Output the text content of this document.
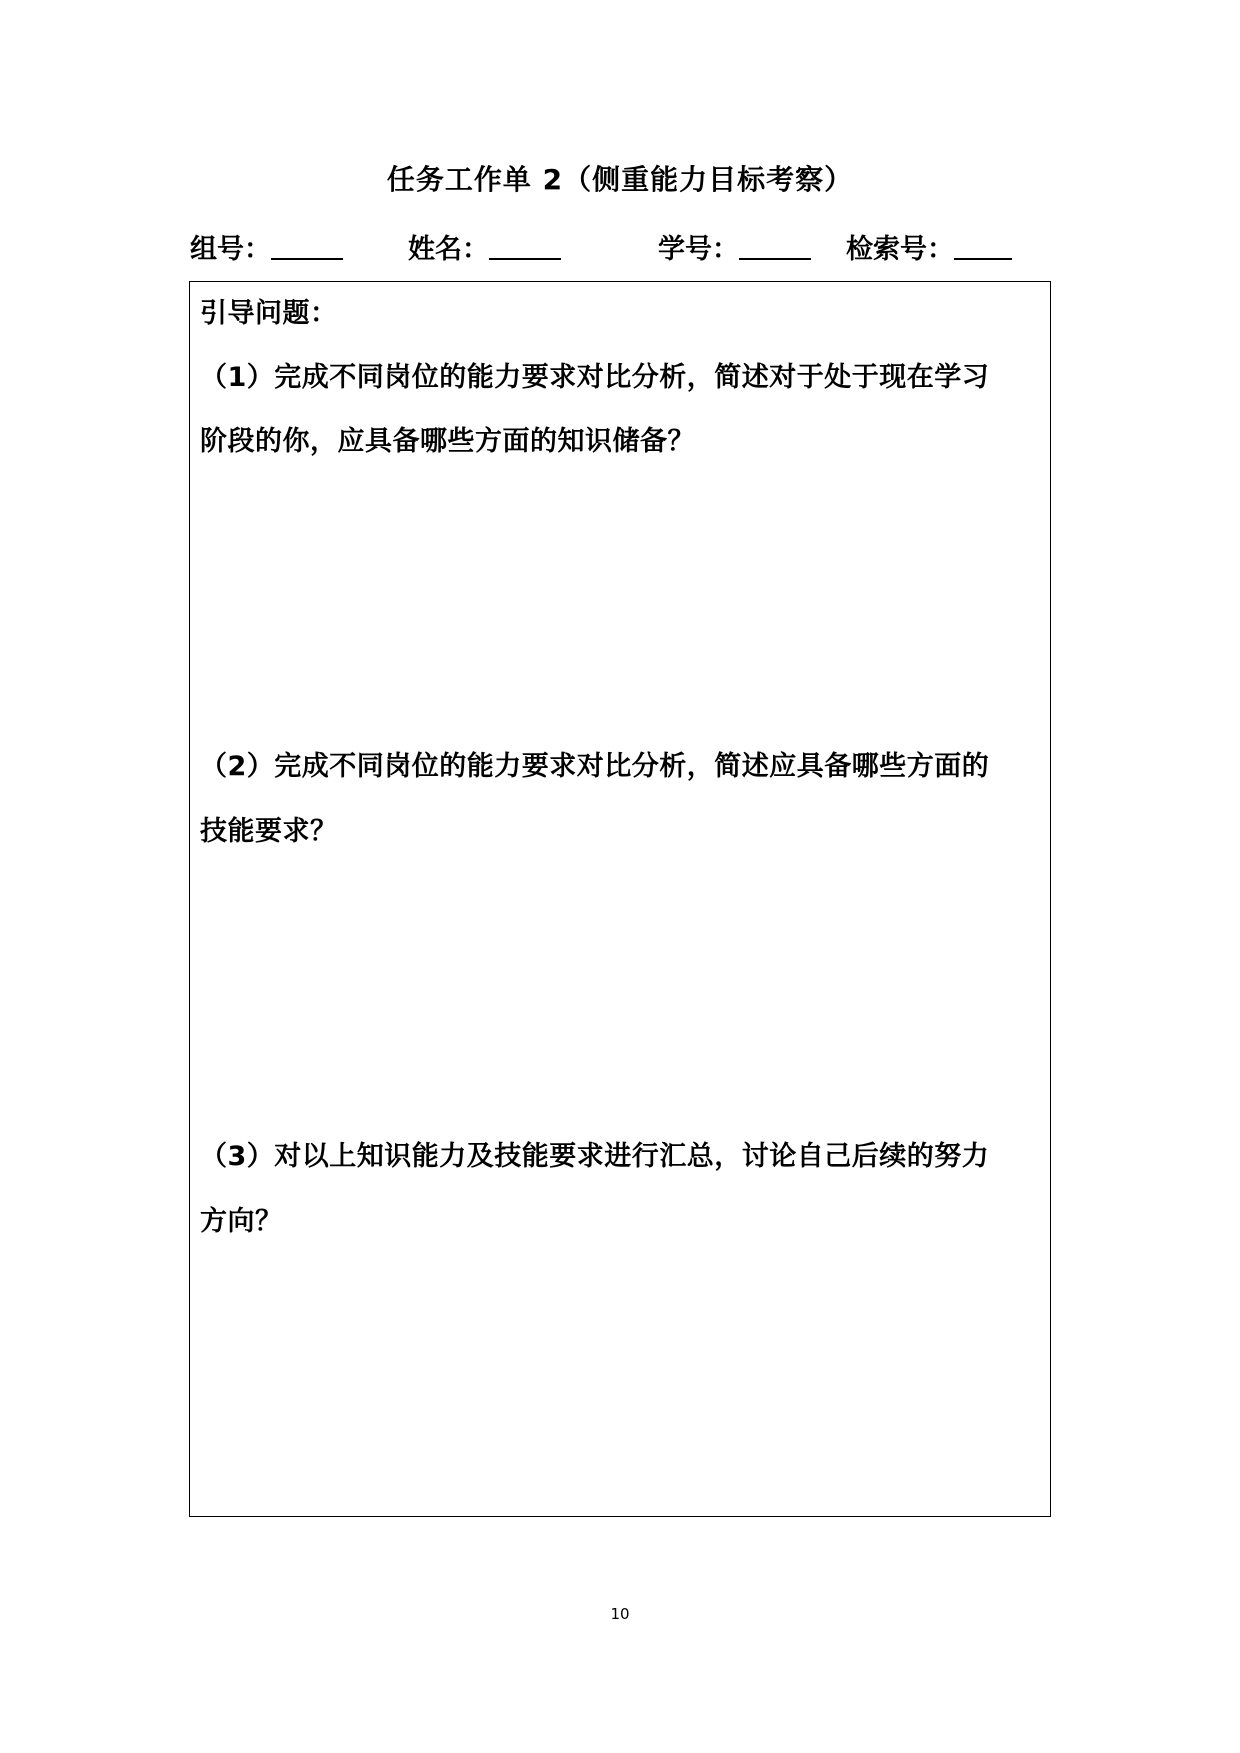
任务工作单 2（侧重能力目标考察）
组号：	姓名：	学号：	检索号：
引导问题：
（1）完成不同岗位的能力要求对比分析，简述对于处于现在学习
阶段的你，应具备哪些方面的知识储备？
（2）完成不同岗位的能力要求对比分析，简述应具备哪些方面的
技能要求？
（3）对以上知识能力及技能要求进行汇总，讨论自己后续的努力
方向？
10
